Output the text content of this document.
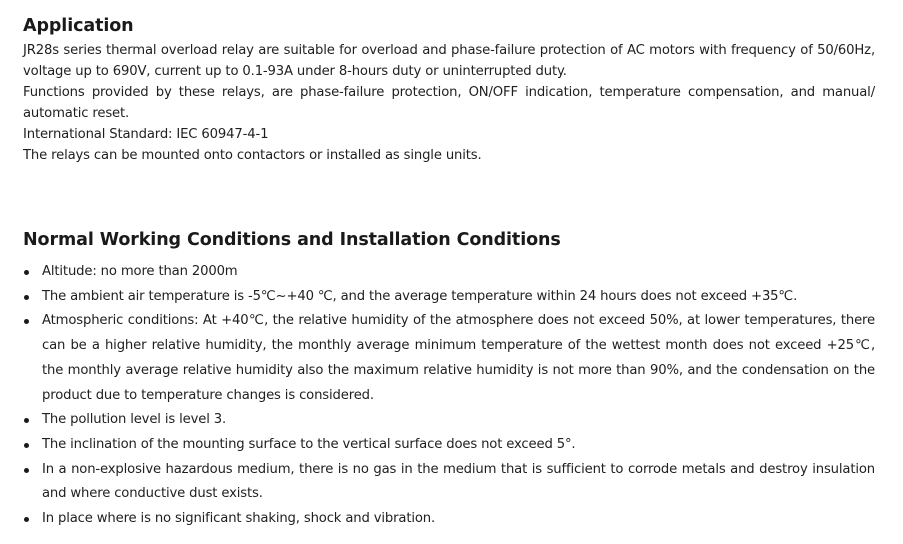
Application

JR28s series thermal overload relay are suitable for overload and phase-failure protection of AC motors with frequency of 50/60Hz, voltage up to 690V, current up to 0.1-93A under 8-hours duty or uninterrupted duty.

Functions provided by these relays, are phase-failure protection, ON/OFF indication, temperature compensation, and manual/ automatic reset.

International Standard: IEC 60947-4-1

The relays can be mounted onto contactors or installed as single units.

Normal Working Conditions and Installation Conditions
Altitude: no more than 2000m
The ambient air temperature is -5℃~+40 ℃, and the average temperature within 24 hours does not exceed +35℃.
Atmospheric conditions: At +40℃, the relative humidity of the atmosphere does not exceed 50%, at lower temperatures, there can be a higher relative humidity, the monthly average minimum temperature of the wettest month does not exceed +25℃, the monthly average relative humidity also the maximum relative humidity is not more than 90%, and the condensation on the product due to temperature changes is considered.
The pollution level is level 3.
The inclination of the mounting surface to the vertical surface does not exceed 5°.
In a non-explosive hazardous medium, there is no gas in the medium that is sufficient to corrode metals and destroy insulation and where conductive dust exists.
In place where is no significant shaking, shock and vibration.
